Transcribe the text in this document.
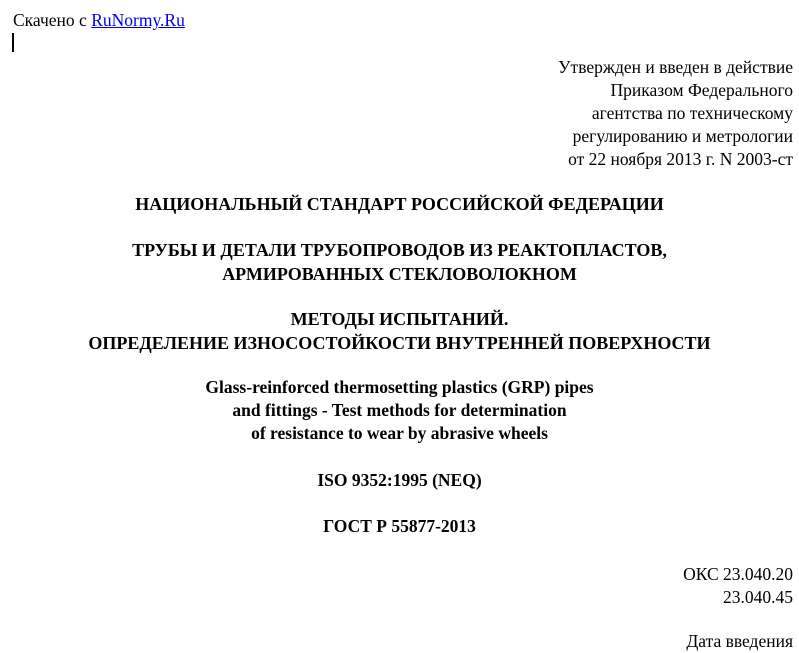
Скачено с RuNormy.Ru
Утвержден и введен в действие
Приказом Федерального
агентства по техническому
регулированию и метрологии
от 22 ноября 2013 г. N 2003-ст
НАЦИОНАЛЬНЫЙ СТАНДАРТ РОССИЙСКОЙ ФЕДЕРАЦИИ
ТРУБЫ И ДЕТАЛИ ТРУБОПРОВОДОВ ИЗ РЕАКТОПЛАСТОВ,
АРМИРОВАННЫХ СТЕКЛОВОЛОКНОМ
МЕТОДЫ ИСПЫТАНИЙ.
ОПРЕДЕЛЕНИЕ ИЗНОСОСТОЙКОСТИ ВНУТРЕННЕЙ ПОВЕРХНОСТИ
Glass-reinforced thermosetting plastics (GRP) pipes
and fittings - Test methods for determination
of resistance to wear by abrasive wheels
ISO 9352:1995 (NEQ)
ГОСТ Р 55877-2013
ОКС 23.040.20
23.040.45
Дата введения
